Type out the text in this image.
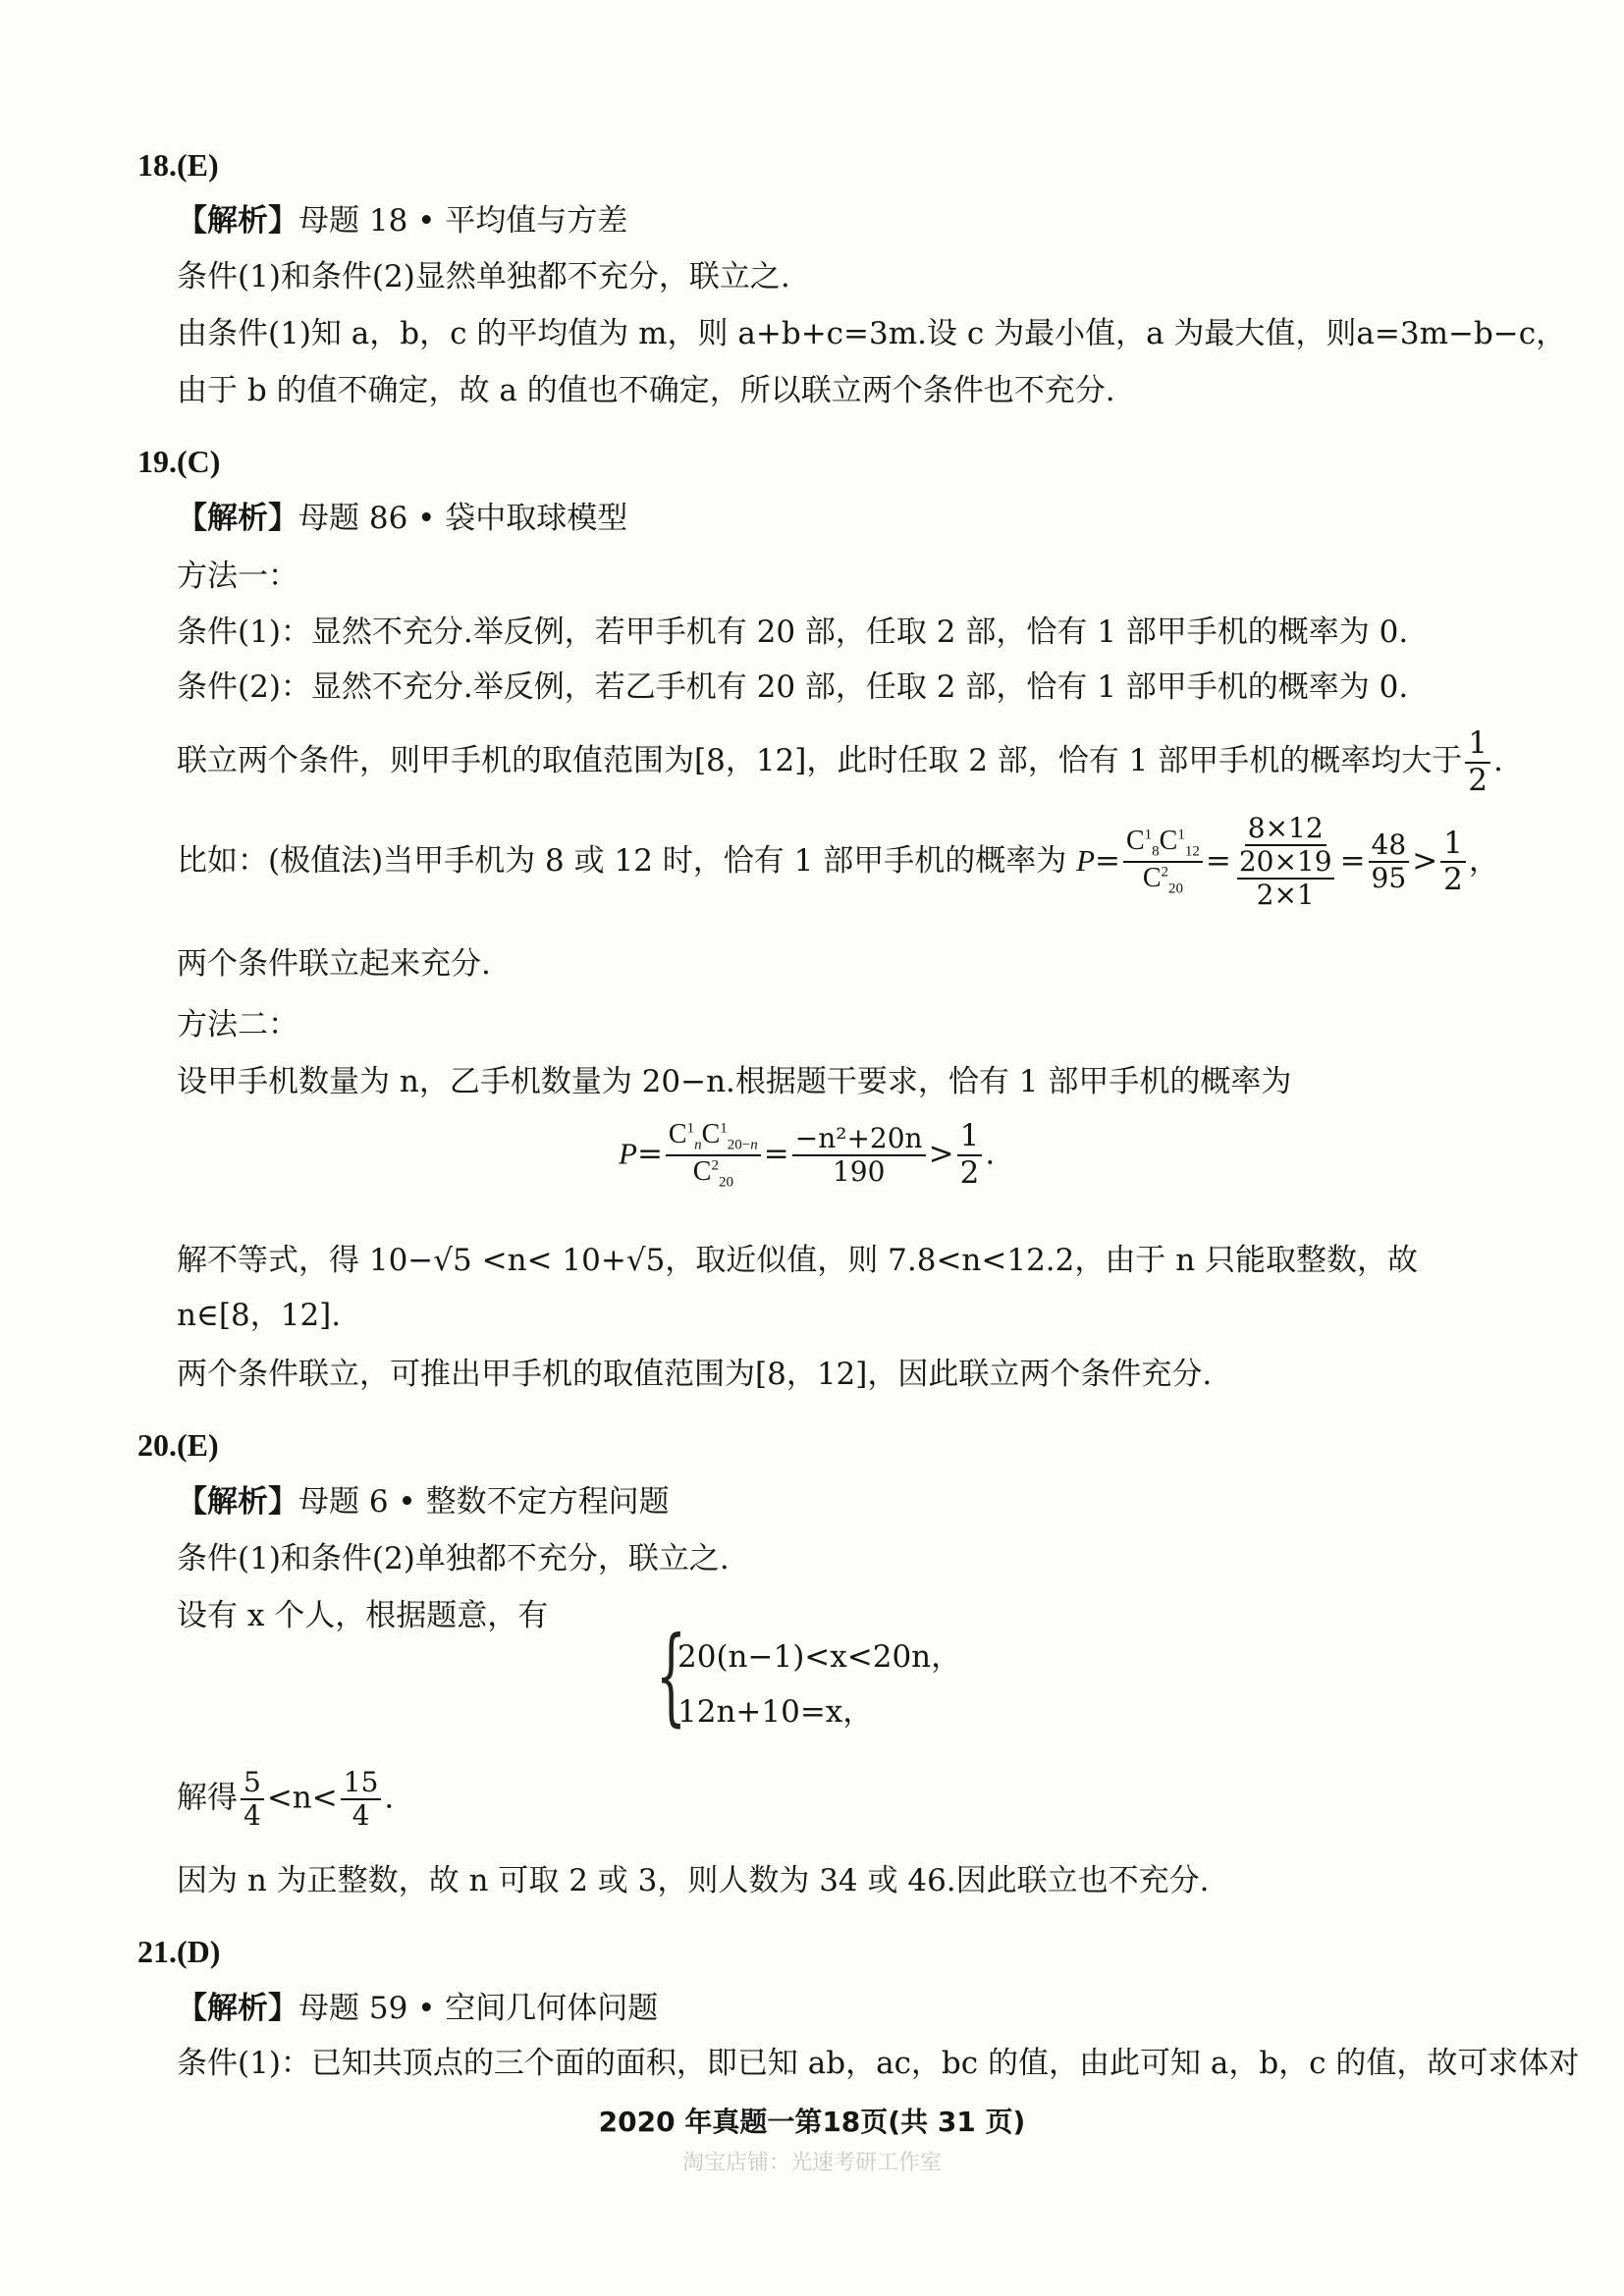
18.(E)
【解析】母题 18 • 平均值与方差
条件(1)和条件(2)显然单独都不充分，联立之.
由条件(1)知 a，b，c 的平均值为 m，则 a+b+c=3m.设 c 为最小值，a 为最大值，则a=3m−b−c，
由于 b 的值不确定，故 a 的值也不确定，所以联立两个条件也不充分.
19.(C)
【解析】母题 86 • 袋中取球模型
方法一：
条件(1)：显然不充分.举反例，若甲手机有 20 部，任取 2 部，恰有 1 部甲手机的概率为 0.
条件(2)：显然不充分.举反例，若乙手机有 20 部，任取 2 部，恰有 1 部甲手机的概率为 0.
联立两个条件，则甲手机的取值范围为[8，12]，此时任取 2 部，恰有 1 部甲手机的概率均大于 $\frac{1}{2}$ .
比如：(极值法)当甲手机为 8 或 12 时，恰有 1 部甲手机的概率为 $P= \frac{C^1_8C^1_{12}}{C^2_{20}} = \frac{8\times 12}{\frac{20\times 19}{2\times 1}} = \frac{48}{95} > \frac{1}{2}$ ，
两个条件联立起来充分.
方法二：
设甲手机数量为 n，乙手机数量为 20−n.根据题干要求，恰有 1 部甲手机的概率为
$P= \frac{C^1_nC^1_{20-n}}{C^2_{20}} = \frac{\text{−n²+20n}}{190} > \frac{1}{2}$ .
解不等式，得 10−√5 <n< 10+√5，取近似值，则 7.8<n<12.2，由于 n 只能取整数，故
n∈[8，12].
两个条件联立，可推出甲手机的取值范围为[8，12]，因此联立两个条件充分.
20.(E)
【解析】母题 6 • 整数不定方程问题
条件(1)和条件(2)单独都不充分，联立之.
设有 x 个人，根据题意，有 {
20(n−1)<x<20n，
12n+10=x，
解得 $\frac{5}{4} <n< \frac{15}{4}$ .
因为 n 为正整数，故 n 可取 2 或 3，则人数为 34 或 46.因此联立也不充分.
21.(D)
【解析】母题 59 • 空间几何体问题
条件(1)：已知共顶点的三个面的面积，即已知 ab，ac，bc 的值，由此可知 a，b，c 的值，故可求体对
2020 年真题一第18页(共 31 页)
淘宝店铺：光速考研工作室
